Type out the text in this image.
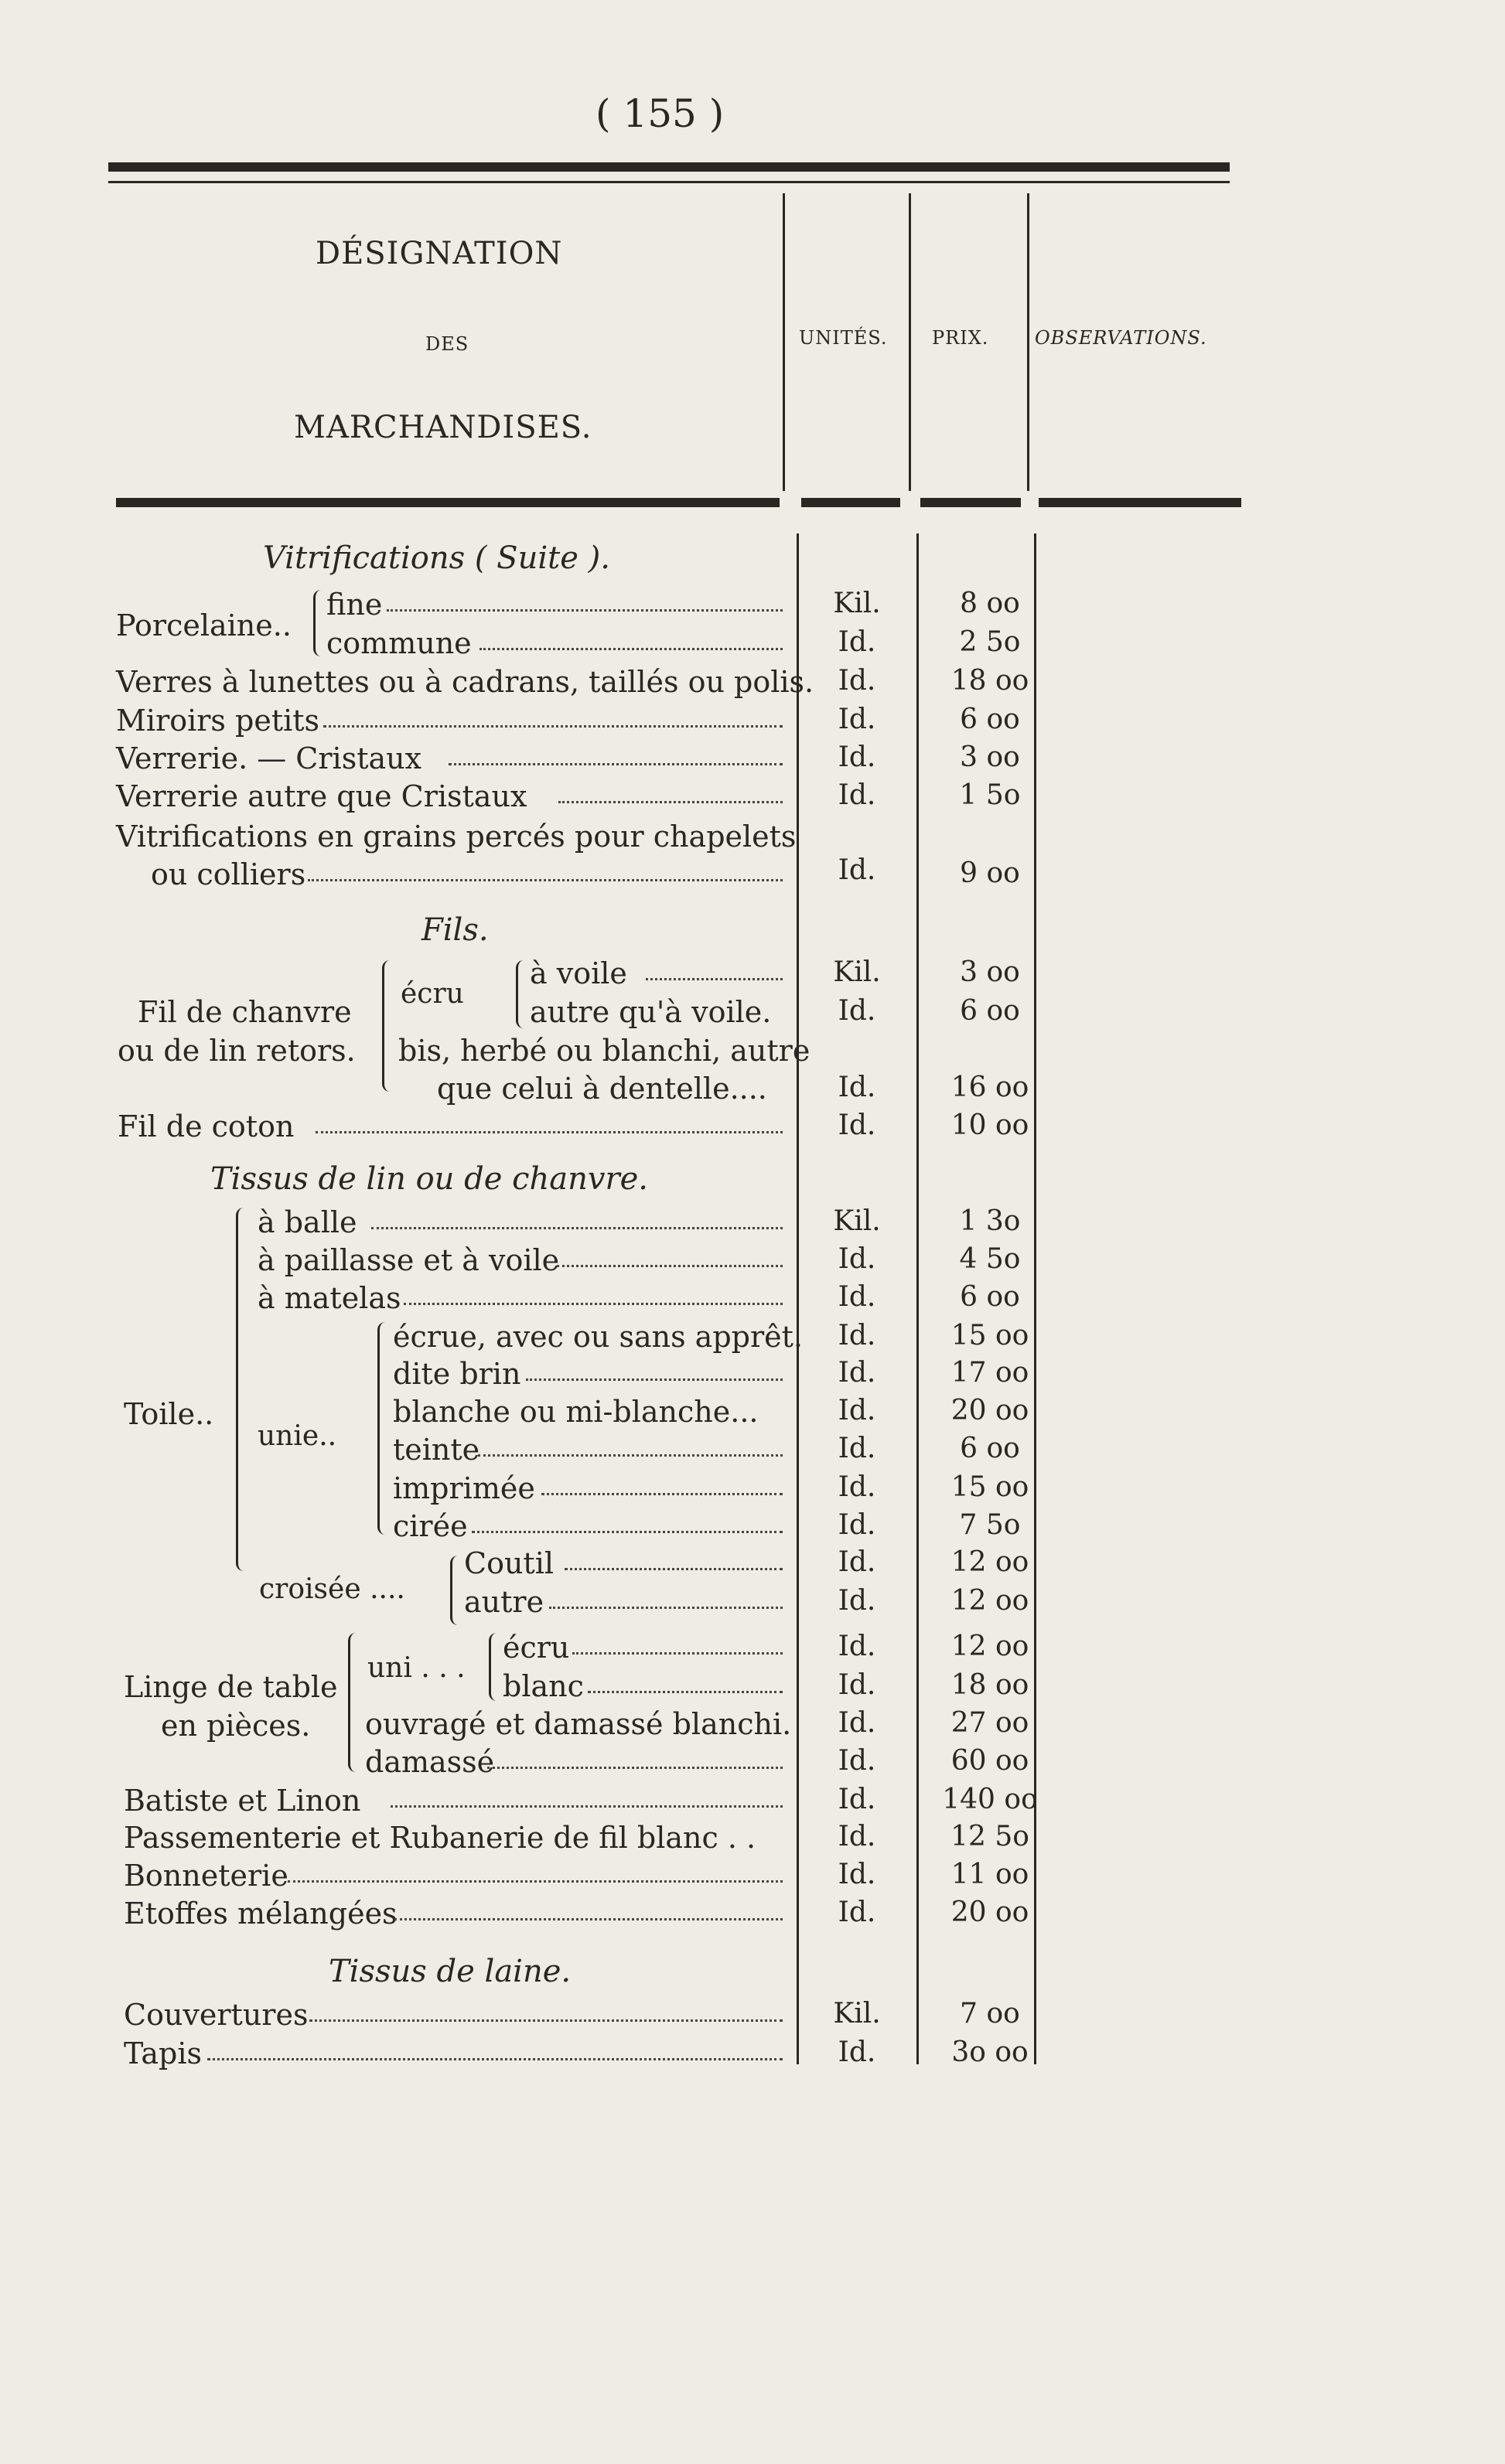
( 155 )
DÉSIGNATION
DES
MARCHANDISES.
UNITÉS. PRIX. OBSERVATIONS.
Vitrifications ( Suite ).
Porcelaine..
fine
commune
Verres à lunettes ou à cadrans, taillés ou polis.
Miroirs petits
Verrerie. — Cristaux
Verrerie autre que Cristaux
Vitrifications en grains percés pour chapelets
ou colliers
Fils.
Fil de chanvre
ou de lin retors.
écru
à voile
autre qu'à voile.
bis, herbé ou blanchi, autre
que celui à dentelle....
Fil de coton
Tissus de lin ou de chanvre.
Toile..
unie..
croisée ....
à balle
à paillasse et à voile
à matelas
écrue, avec ou sans apprêt.
dite brin
blanche ou mi-blanche...
teinte
imprimée
cirée
Coutil
autre
Linge de table
en pièces.
uni . . .
écru
blanc
ouvragé et damassé blanchi.
damassé
Batiste et Linon
Passementerie et Rubanerie de fil blanc . .
Bonneterie
Etoffes mélangées
Tissus de laine.
Couvertures
Tapis
Kil.
Id.
Id.
Id.
Id.
Id.
Id.
Kil.
Id.
Id.
Id.
Kil.
Id.
Id.
Id.
Id.
Id.
Id.
Id.
Id.
Id.
Id.
Id.
Id.
Id.
Id.
Id.
Id.
Id.
Id.
Kil.
Id.
8 oo
2 5o
18 oo
6 oo
3 oo
1 5o
9 oo
3 oo
6 oo
16 oo
10 oo
1 3o
4 5o
6 oo
15 oo
17 oo
20 oo
6 oo
15 oo
7 5o
12 oo
12 oo
12 oo
18 oo
27 oo
60 oo
140 oo
12 5o
11 oo
20 oo
7 oo
3o oo
